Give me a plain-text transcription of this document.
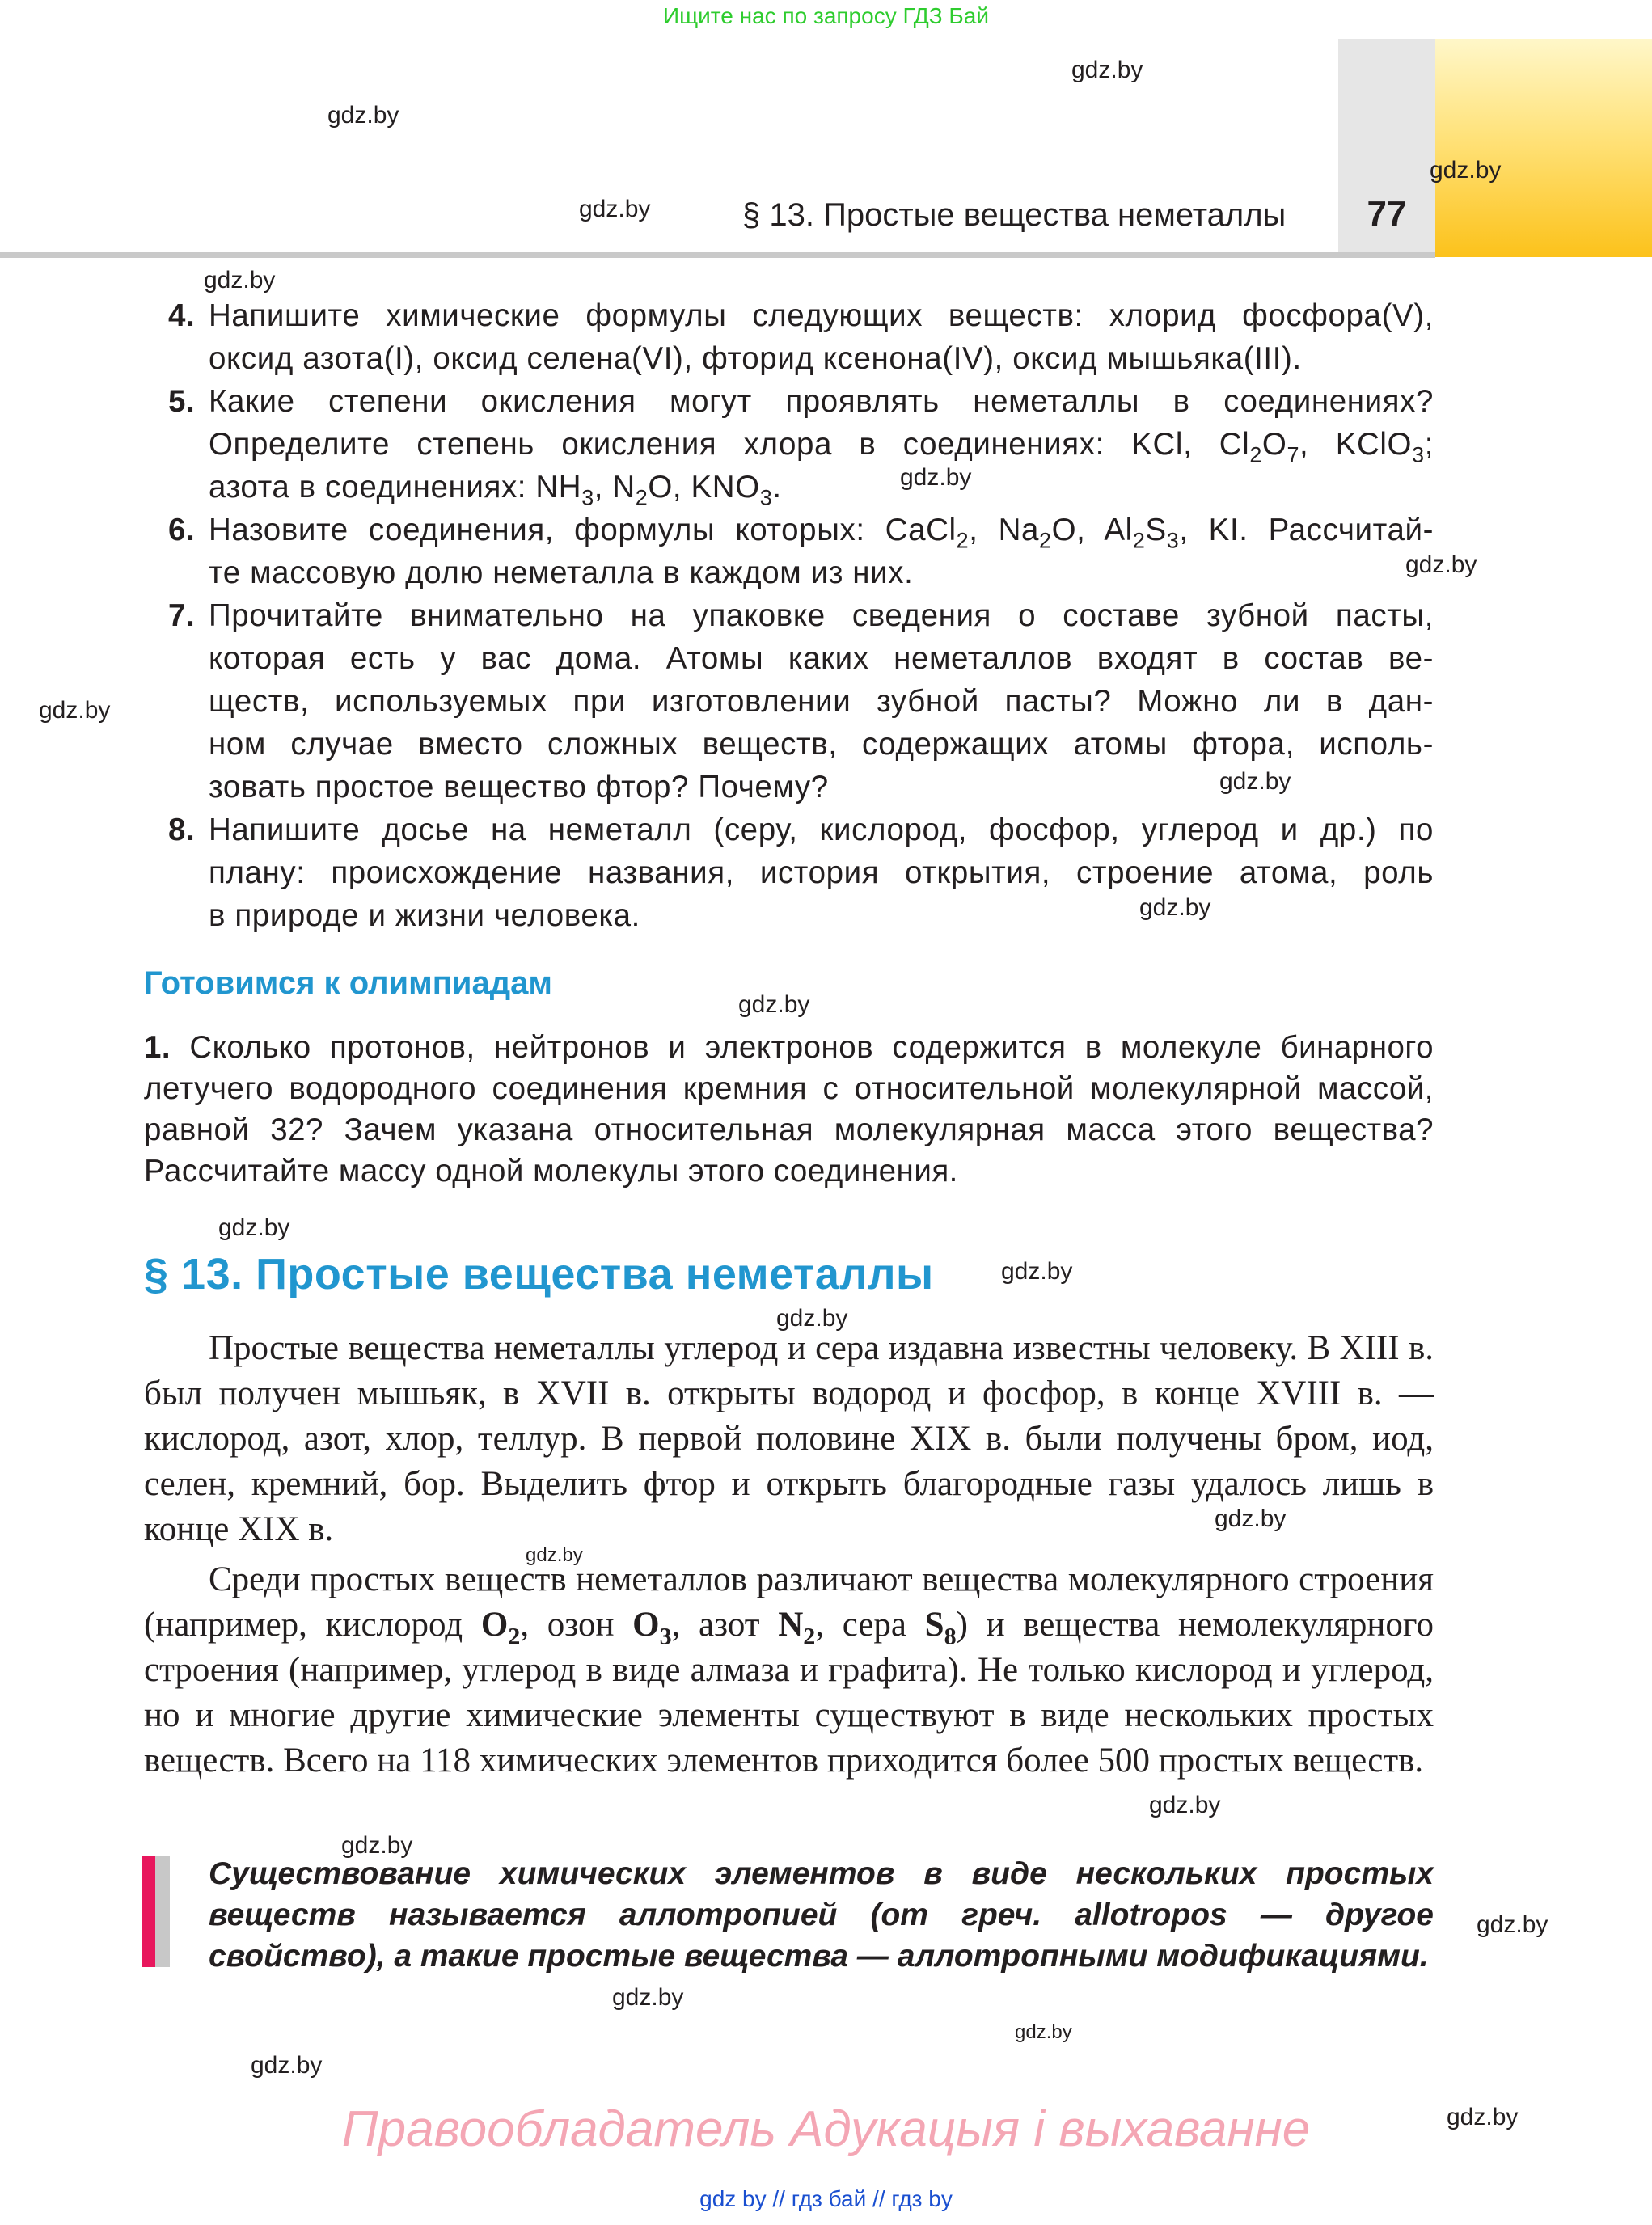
Ищите нас по запросу ГДЗ Бай
§ 13. Простые вещества неметаллы	77
gdz.by
gdz.by
gdz.by
gdz.by
gdz.by
gdz.by
gdz.by
gdz.by
gdz.by
gdz.by
gdz.by
gdz.by
gdz.by
gdz.by
gdz.by
gdz.by
gdz.by
gdz.by
gdz.by
gdz.by
gdz.by
gdz.by
gdz.by
4. Напишите химические формулы следующих веществ: хлорид фосфора(V),

оксид азота(I), оксид селена(VI), фторид ксенона(IV), оксид мышьяка(III).

5. Какие степени окисления могут проявлять неметаллы в соединениях?

Определите степень окисления хлора в соединениях: KCl, $Cl_2O_7$, KClO$_3$;

азота в соединениях: $NH_3$, $N_2O$, $KNO_3$.

6. Назовите соединения, формулы которых: CaCl$_2$, $Na_2O$, $Al_2S_3$, KI. Рассчитай-

те массовую долю неметалла в каждом из них.

7. Прочитайте внимательно на упаковке сведения о составе зубной пасты,

которая есть у вас дома. Атомы каких неметаллов входят в состав ве-

ществ, используемых при изготовлении зубной пасты? Можно ли в дан-

ном случае вместо сложных веществ, содержащих атомы фтора, исполь-

зовать простое вещество фтор? Почему?

8. Напишите досье на неметалл (серу, кислород, фосфор, углерод и др.) по

плану: происхождение названия, история открытия, строение атома, роль

в природе и жизни человека.

Готовимся к олимпиадам

1. Сколько протонов, нейтронов и электронов содержится в молекуле бинарного летучего водородного соединения кремния с относительной молекулярной массой, равной 32? Зачем указана относительная молекулярная масса этого вещества? Рассчитайте массу одной молекулы этого соединения.

§ 13. Простые вещества неметаллы

Простые вещества неметаллы углерод и сера издавна известны человеку. В XIII в. был получен мышьяк, в XVII в. открыты водород и фосфор, в конце XVIII в. — кислород, азот, хлор, теллур. В первой половине XIX в. были получены бром, иод, селен, кремний, бор. Выделить фтор и открыть благородные газы удалось лишь в конце XIX в.

Среди простых веществ неметаллов различают вещества молекулярного строения (например, кислород $O_2$, озон $O_3$, азот $N_2$, сера $S_8$) и вещества немолекулярного строения (например, углерод в виде алмаза и графита). Не только кислород и углерод, но и многие другие химические элементы существуют в виде нескольких простых веществ. Всего на 118 химических элементов приходится более 500 простых веществ.

Существование химических элементов в виде нескольких простых веществ называется аллотропией (от греч. allotropos — другое свойство), а такие простые вещества — аллотропными модификациями.

Правообладатель Адукацыя і выхаванне
gdz by // гдз бай // гдз by
